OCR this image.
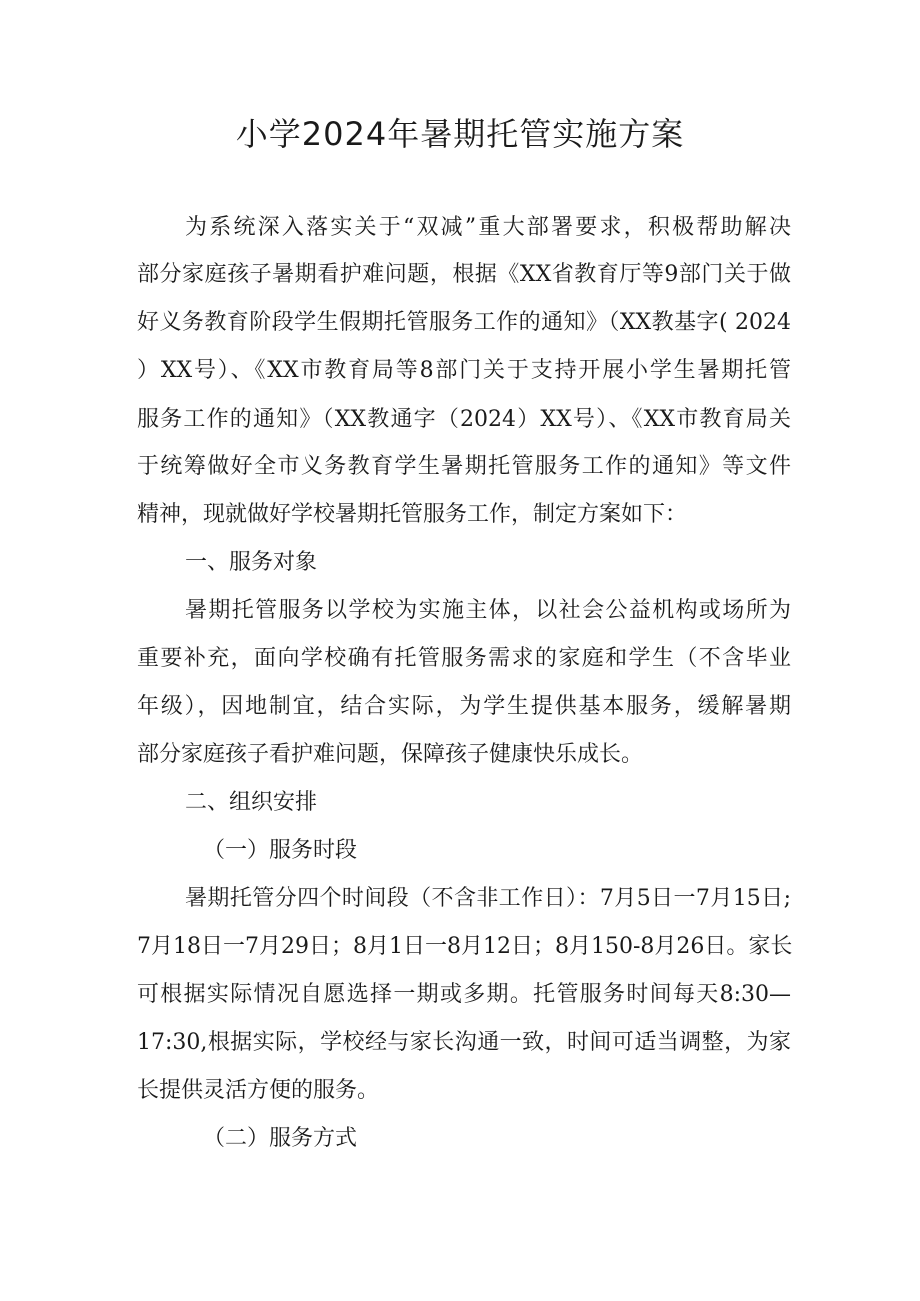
小学2024年暑期托管实施方案
为系统深入落实关于“双减”重大部署要求，积极帮助解决
部分家庭孩子暑期看护难问题，根据《XX省教育厅等9部门关于做
好义务教育阶段学生假期托管服务工作的通知》（XX教基字( 2024
）XX号）、《XX市教育局等8部门关于支持开展小学生暑期托管
服务工作的通知》（XX教通字（2024）XX号）、《XX市教育局关
于统筹做好全市义务教育学生暑期托管服务工作的通知》等文件
精神，现就做好学校暑期托管服务工作，制定方案如下：
一、服务对象
暑期托管服务以学校为实施主体，以社会公益机构或场所为
重要补充，面向学校确有托管服务需求的家庭和学生（不含毕业
年级），因地制宜，结合实际，为学生提供基本服务，缓解暑期
部分家庭孩子看护难问题，保障孩子健康快乐成长。
二、组织安排
（一）服务时段
暑期托管分四个时间段（不含非工作日）：7月5日一7月15日;
7月18日一7月29日；8月1日一8月12日；8月150-8月26日。家长
可根据实际情况自愿选择一期或多期。托管服务时间每天8:30—
17:30,根据实际，学校经与家长沟通一致，时间可适当调整，为家
长提供灵活方便的服务。
（二）服务方式
